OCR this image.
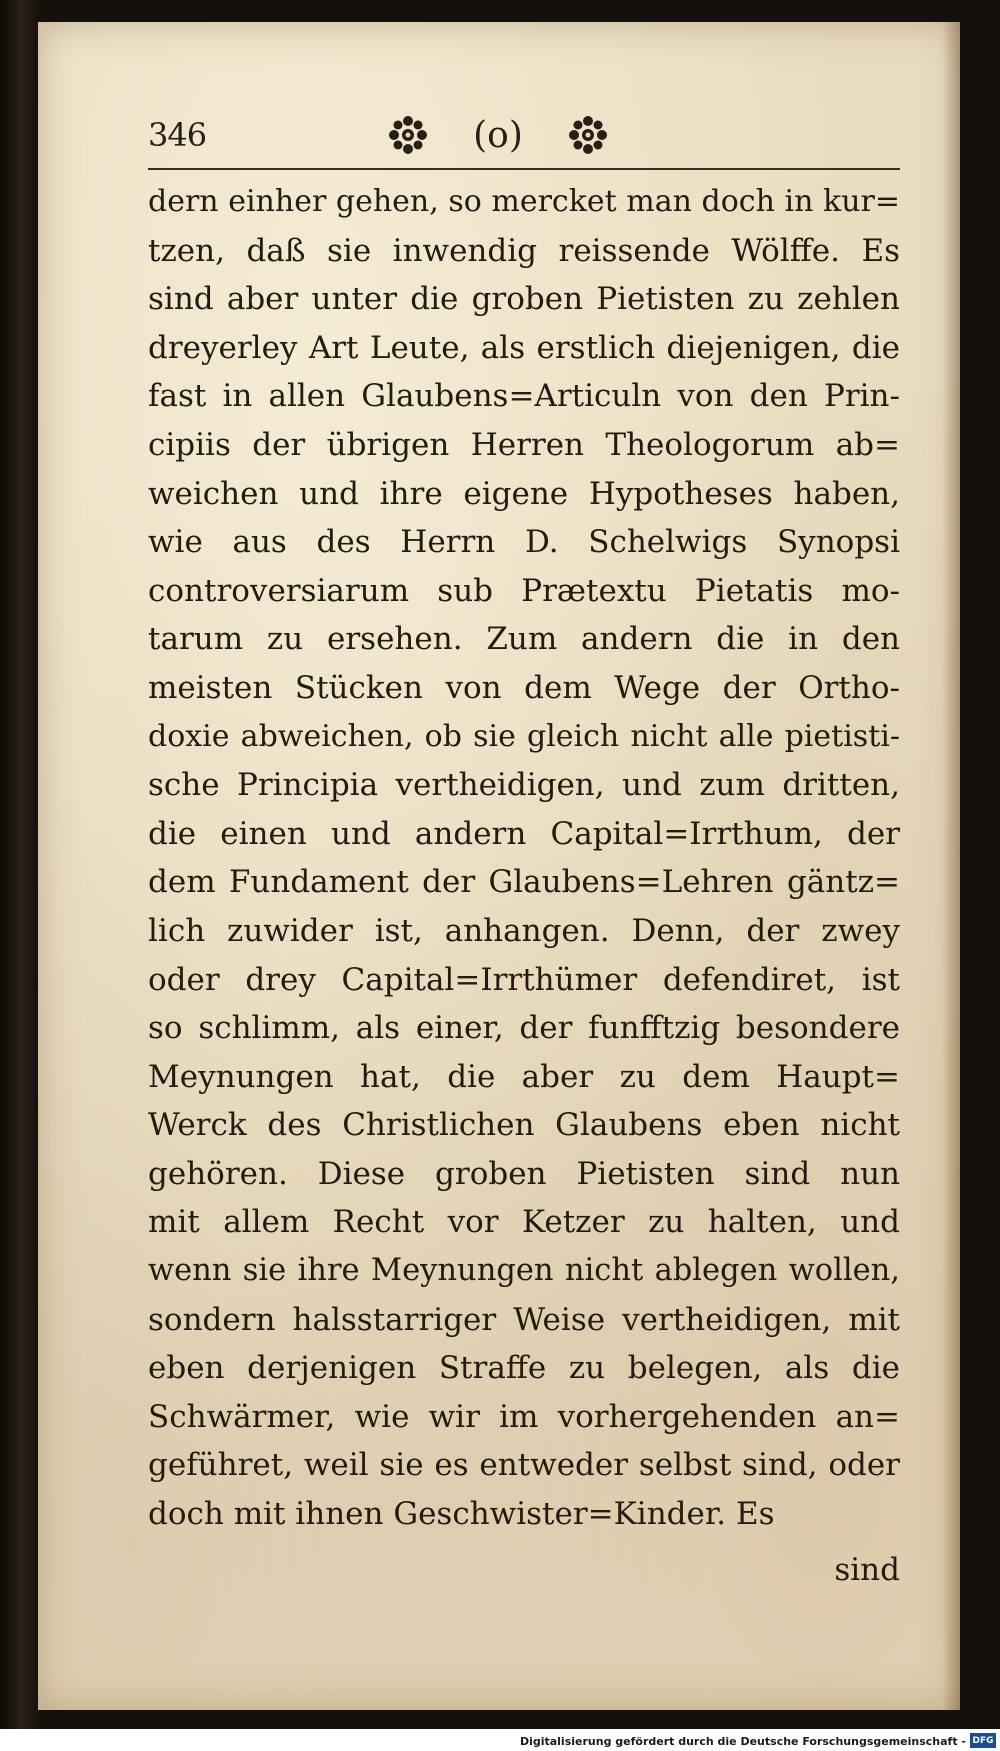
346	(o)
dern einher gehen, so mercket man doch in kur=
tzen, daß sie inwendig reissende Wölffe. Es
sind aber unter die groben Pietisten zu zehlen
dreyerley Art Leute, als erstlich diejenigen, die
fast in allen Glaubens=Articuln von den Prin-
cipiis der übrigen Herren Theologorum ab=
weichen und ihre eigene Hypotheses haben,
wie aus des Herrn D. Schelwigs Synopsi
controversiarum sub Prætextu Pietatis mo-
tarum zu ersehen. Zum andern die in den
meisten Stücken von dem Wege der Ortho-
doxie abweichen, ob sie gleich nicht alle pietisti-
sche Principia vertheidigen, und zum dritten,
die einen und andern Capital=Irrthum, der
dem Fundament der Glaubens=Lehren gäntz=
lich zuwider ist, anhangen. Denn, der zwey
oder drey Capital=Irrthümer defendiret, ist
so schlimm, als einer, der funfftzig besondere
Meynungen hat, die aber zu dem Haupt=
Werck des Christlichen Glaubens eben nicht
gehören. Diese groben Pietisten sind nun
mit allem Recht vor Ketzer zu halten, und
wenn sie ihre Meynungen nicht ablegen wollen,
sondern halsstarriger Weise vertheidigen, mit
eben derjenigen Straffe zu belegen, als die
Schwärmer, wie wir im vorhergehenden an=
geführet, weil sie es entweder selbst sind, oder
doch mit ihnen Geschwister=Kinder. Es
sind
Digitalisierung gefördert durch die Deutsche Forschungsgemeinschaft - DFG
